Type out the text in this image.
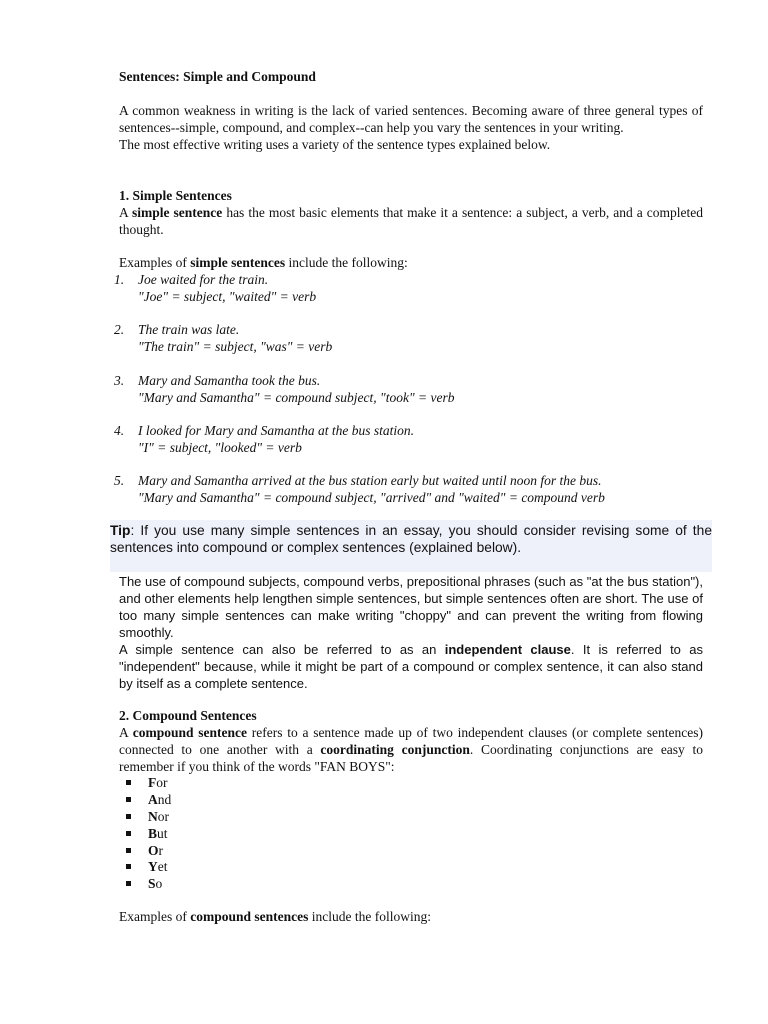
Sentences: Simple and Compound

A common weakness in writing is the lack of varied sentences. Becoming aware of three general types of sentences--simple, compound, and complex--can help you vary the sentences in your writing.

The most effective writing uses a variety of the sentence types explained below.

1. Simple Sentences
A simple sentence has the most basic elements that make it a sentence: a subject, a verb, and a completed thought.
Examples of simple sentences include the following:
1. Joe waited for the train.
"Joe" = subject, "waited" = verb
2. The train was late.
"The train" = subject, "was" = verb
3. Mary and Samantha took the bus.
"Mary and Samantha" = compound subject, "took" = verb
4. I looked for Mary and Samantha at the bus station.
"I" = subject, "looked" = verb
5. Mary and Samantha arrived at the bus station early but waited until noon for the bus.
"Mary and Samantha" = compound subject, "arrived" and "waited" = compound verb
Tip: If you use many simple sentences in an essay, you should consider revising some of the sentences into compound or complex sentences (explained below).

The use of compound subjects, compound verbs, prepositional phrases (such as "at the bus station"), and other elements help lengthen simple sentences, but simple sentences often are short. The use of too many simple sentences can make writing "choppy" and can prevent the writing from flowing smoothly.

A simple sentence can also be referred to as an independent clause. It is referred to as "independent" because, while it might be part of a compound or complex sentence, it can also stand by itself as a complete sentence.

2. Compound Sentences
A compound sentence refers to a sentence made up of two independent clauses (or complete sentences) connected to one another with a coordinating conjunction. Coordinating conjunctions are easy to remember if you think of the words "FAN BOYS":
For
And
Nor
But
Or
Yet
So
Examples of compound sentences include the following:
